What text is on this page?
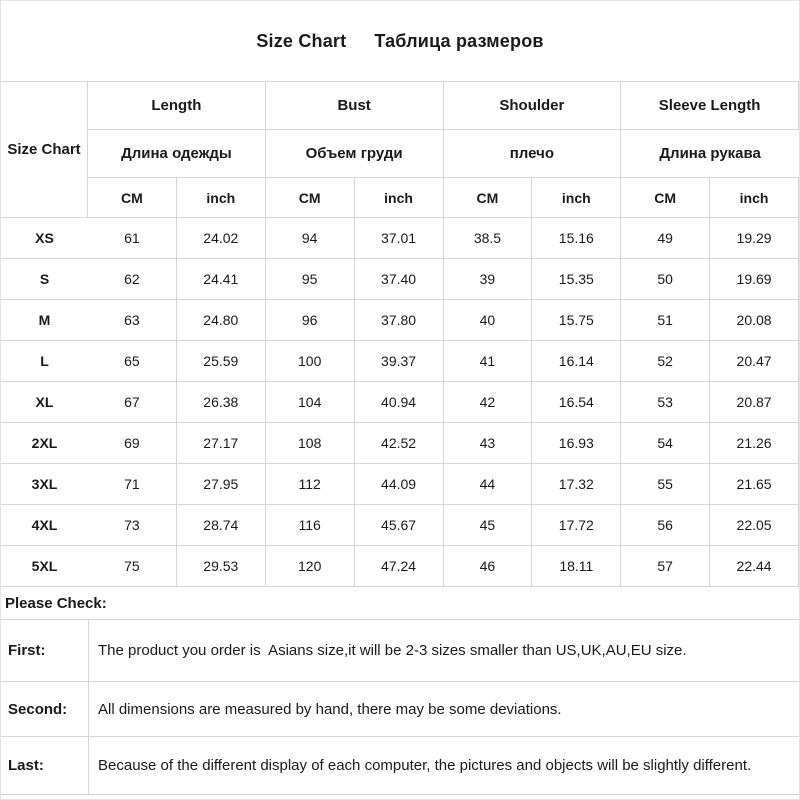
Size Chart Таблица размеров
Size Chart
Length	Bust	Shoulder	Sleeve Length
Длина одежды	Объем груди	плечо	Длина рукава
CM	inch	CM	inch	CM	inch	CM	inch
XS	61	24.02	94	37.01	38.5	15.16	49	19.29
S	62	24.41	95	37.40	39	15.35	50	19.69
M	63	24.80	96	37.80	40	15.75	51	20.08
L	65	25.59	100	39.37	41	16.14	52	20.47
XL	67	26.38	104	40.94	42	16.54	53	20.87
2XL	69	27.17	108	42.52	43	16.93	54	21.26
3XL	71	27.95	112	44.09	44	17.32	55	21.65
4XL	73	28.74	116	45.67	45	17.72	56	22.05
5XL	75	29.53	120	47.24	46	18.11	57	22.44
Please Check:
First:	The product you order is  Asians size,it will be 2-3 sizes smaller than US,UK,AU,EU size.
Second:	All dimensions are measured by hand, there may be some deviations.
Last:	Because of the different display of each computer, the pictures and objects will be slightly different.
